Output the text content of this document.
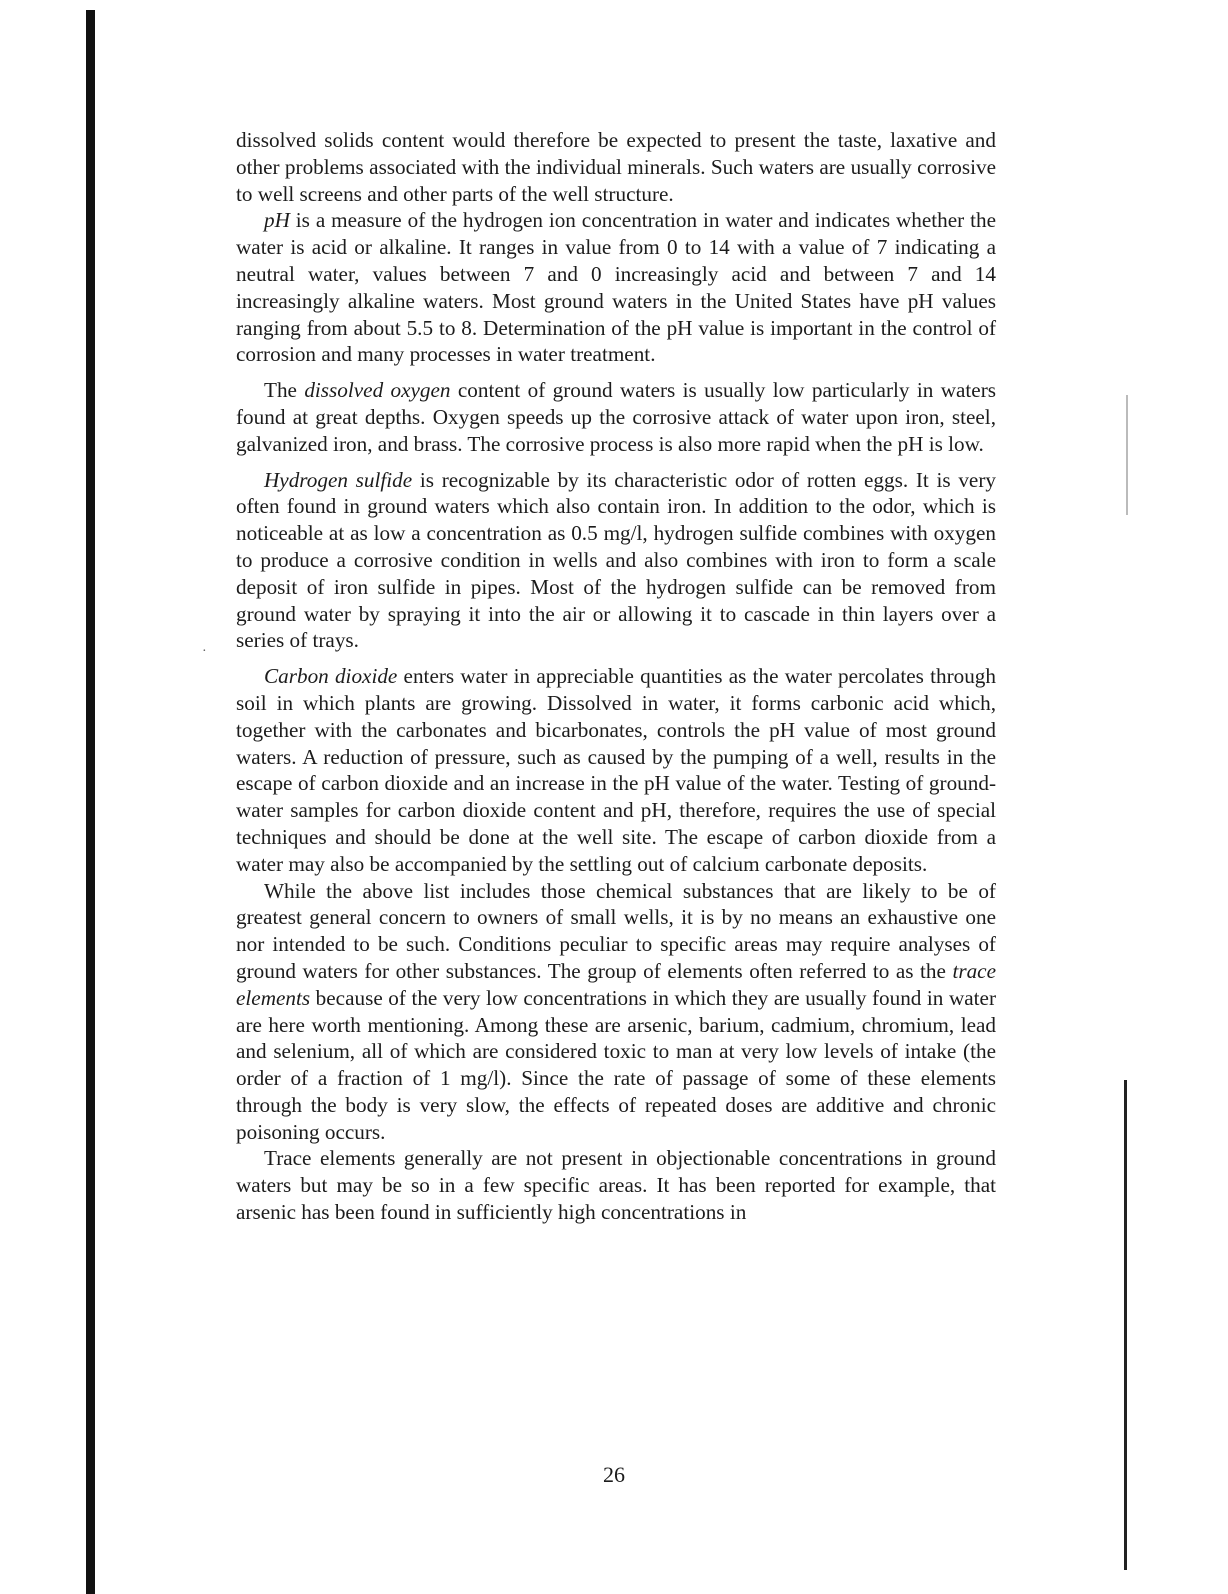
·

dissolved solids content would therefore be expected to present the taste, laxative and other problems associated with the individual minerals. Such waters are usually corrosive to well screens and other parts of the well structure.

pH is a measure of the hydrogen ion concentration in water and indicates whether the water is acid or alkaline. It ranges in value from 0 to 14 with a value of 7 indicating a neutral water, values between 7 and 0 increasingly acid and between 7 and 14 increasingly alkaline waters. Most ground waters in the United States have pH values ranging from about 5.5 to 8. Determination of the pH value is important in the control of corrosion and many processes in water treatment.

The dissolved oxygen content of ground waters is usually low particularly in waters found at great depths. Oxygen speeds up the corrosive attack of water upon iron, steel, galvanized iron, and brass. The corrosive process is also more rapid when the pH is low.

Hydrogen sulfide is recognizable by its characteristic odor of rotten eggs. It is very often found in ground waters which also contain iron. In addition to the odor, which is noticeable at as low a concentration as 0.5 mg/l, hydrogen sulfide combines with oxygen to produce a corrosive condition in wells and also combines with iron to form a scale deposit of iron sulfide in pipes. Most of the hydrogen sulfide can be removed from ground water by spraying it into the air or allowing it to cascade in thin layers over a series of trays.

Carbon dioxide enters water in appreciable quantities as the water percolates through soil in which plants are growing. Dissolved in water, it forms carbonic acid which, together with the carbonates and bicarbonates, controls the pH value of most ground waters. A reduction of pressure, such as caused by the pumping of a well, results in the escape of carbon dioxide and an increase in the pH value of the water. Testing of ground-water samples for carbon dioxide content and pH, therefore, requires the use of special techniques and should be done at the well site. The escape of carbon dioxide from a water may also be accompanied by the settling out of calcium carbonate deposits.

While the above list includes those chemical substances that are likely to be of greatest general concern to owners of small wells, it is by no means an exhaustive one nor intended to be such. Conditions peculiar to specific areas may require analyses of ground waters for other substances. The group of elements often referred to as the trace elements because of the very low concentrations in which they are usually found in water are here worth mentioning. Among these are arsenic, barium, cadmium, chromium, lead and selenium, all of which are considered toxic to man at very low levels of intake (the order of a fraction of 1 mg/l). Since the rate of passage of some of these elements through the body is very slow, the effects of repeated doses are additive and chronic poisoning occurs.

Trace elements generally are not present in objectionable concentrations in ground waters but may be so in a few specific areas. It has been reported for example, that arsenic has been found in sufficiently high concentrations in

26
